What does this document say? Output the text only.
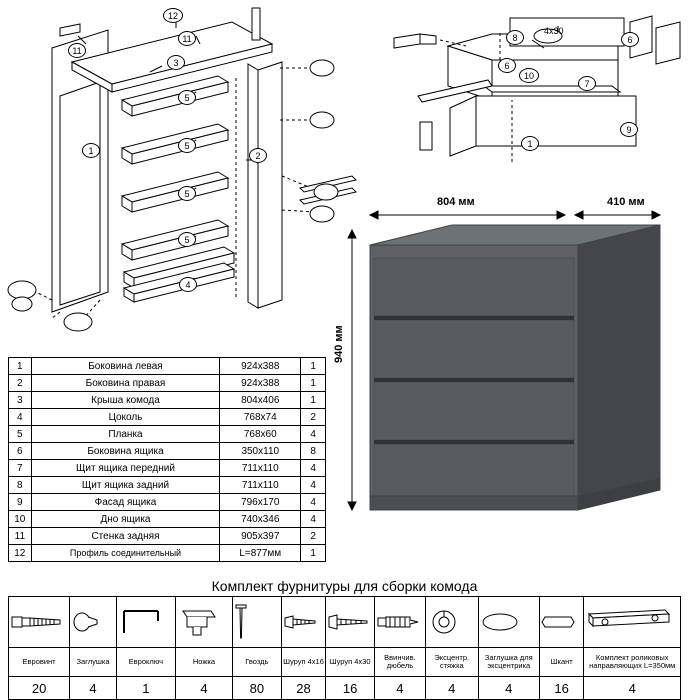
11
12
11
3
5
5
5
5
1	2
4
8
4х30
6
6
10
7
9
1
804 мм	410 мм
940 мм
1	Боковина левая	924х388	1
2	Боковина правая	924х388	1
3	Крыша комода	804х406	1
4	Цоколь	768х74	2
5	Планка	768х60	4
6	Боковина ящика	350х110	8
7	Щит ящика передний	711х110	4
8	Щит ящика задний	711х110	4
9	Фасад ящика	796х170	4
10	Дно ящика	740х346	4
11	Стенка задняя	905х397	2
12	Профиль соединительный	L=877мм	1
Комплект фурнитуры для сборки комода

Евровинт	Заглушка	Евроключ	Ножка	Гвоздь	Шуруп 4х16	Шуруп 4х30	Ввинчив. дюбель	Эксцентр. стяжка	Заглушка для эксцентрика	Шкант	Комплект роликовых направляющих L=350мм
20	4	1	4	80	28	16	4	4	4	16	4
